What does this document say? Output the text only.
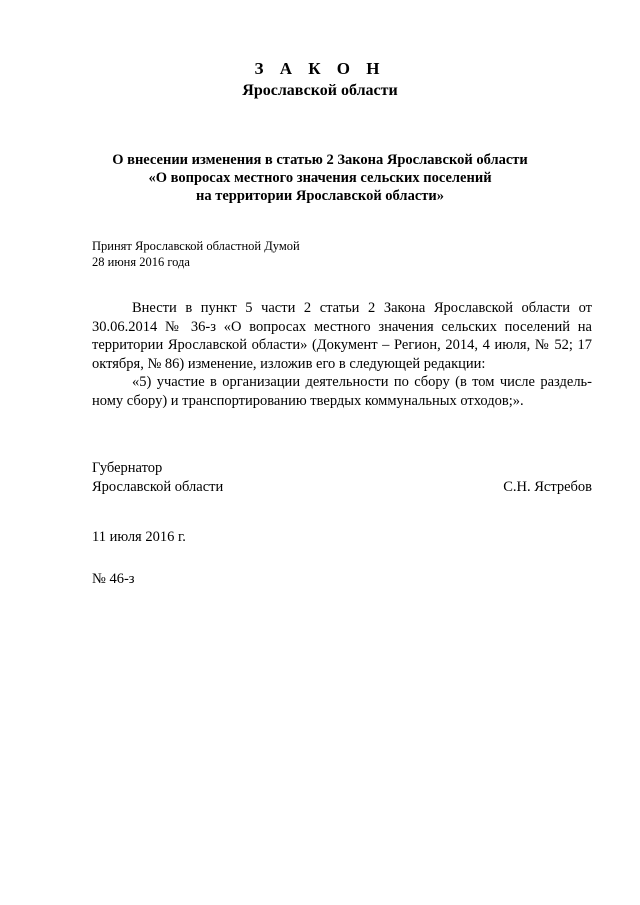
З А К О Н
Ярославской области
О внесении изменения в статью 2 Закона Ярославской области
«О вопросах местного значения сельских поселений
на территории Ярославской области»
Принят Ярославской областной Думой
28 июня 2016 года

Внести в пункт 5 части 2 статьи 2 Закона Ярославской области от 30.06.2014 № 36-з «О вопросах местного значения сельских поселений на территории Ярославской области» (Документ – Регион, 2014, 4 июля, № 52; 17 октября, № 86) изменение, изложив его в следующей редакции:

«5) участие в организации деятельности по сбору (в том числе раздель-ному сбору) и транспортированию твердых коммунальных отходов;».

Губернатор
Ярославской области	С.Н. Ястребов
11 июля 2016 г.
№ 46-з
